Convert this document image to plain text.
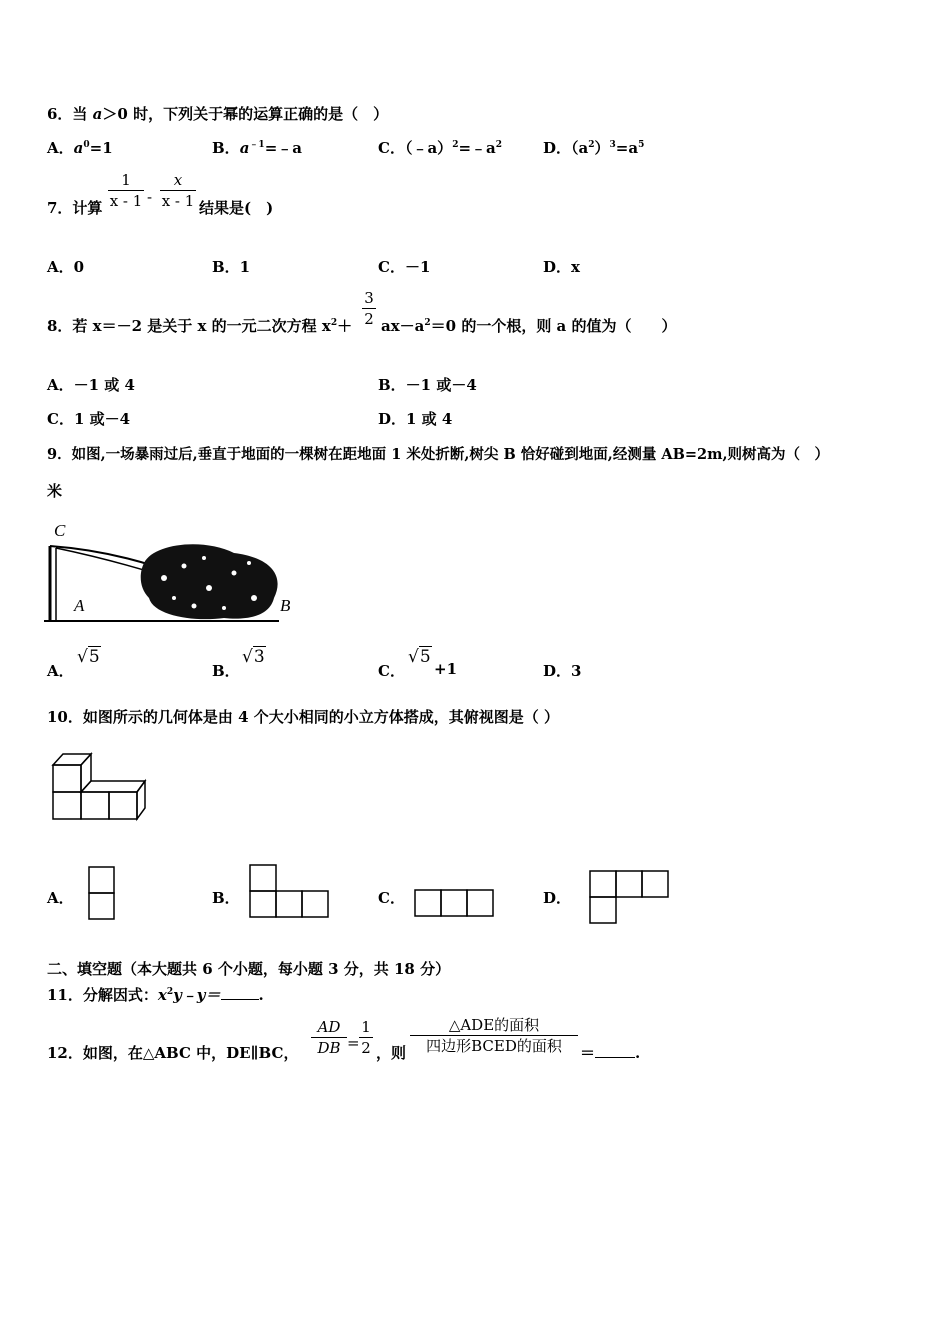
6．当 a＞0 时，下列关于幂的运算正确的是（　）
A．$a^0=1$	B．$a^{﹣1}=﹣a$	C．$(﹣a)^2=﹣a^2$	D．$(a^2)^3=a^5$
7．计算
1
x - 1 -
x
x - 1 结果是(　)
A．0	B．1	C．－1	D．x
8．若 x＝－2 是关于 x 的一元二次方程 $x^2+$
3
2 $ax-a^2=0$ 的一个根，则 a 的值为（　　）
A．－1 或 4	B．－1 或－4
C．1 或－4	D．1 或 4
9．如图,一场暴雨过后,垂直于地面的一棵树在距地面 1 米处折断,树尖 B 恰好碰到地面,经测量 AB=2m,则树高为（　）
米
C
A	B
A．
√5
B．
√3
C．
√5
+1	D．3
10．如图所示的几何体是由 4 个大小相同的小立方体搭成，其俯视图是（ ）
A．	B．	C．	D．
二、填空题（本大题共 6 个小题，每小题 3 分，共 18 分）
11．分解因式：$x^2y﹣y=$	.
12．如图，在△ABC 中，DE∥BC，
AD
DB =
1
2 ，则
△ADE的面积
四边形BCED的面积	＝	.
